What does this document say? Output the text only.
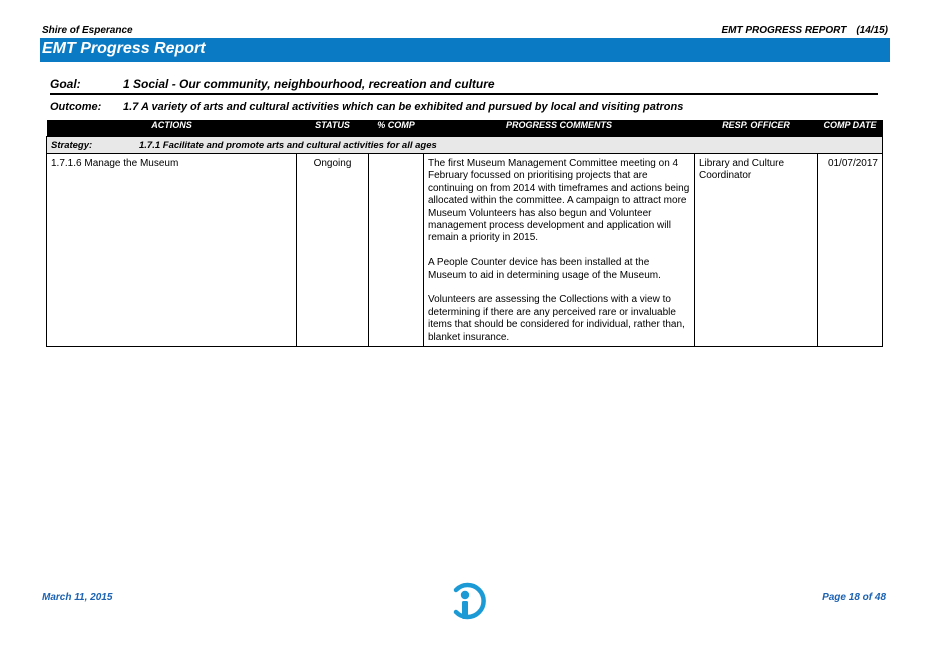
Shire of Esperance	EMT PROGRESS REPORT (14/15)
EMT Progress Report
Goal:	1 Social - Our community, neighbourhood, recreation and culture
Outcome: 1.7 A variety of arts and cultural activities which can be exhibited and pursued by local and visiting patrons
ACTIONS	STATUS	% COMP	PROGRESS COMMENTS	RESP. OFFICER	COMP DATE
Strategy: 1.7.1 Facilitate and promote arts and cultural activities for all ages					
1.7.1.6 Manage the Museum	Ongoing		The first Museum Management Committee meeting on 4 February focussed on prioritising projects that are continuing on from 2014 with timeframes and actions being allocated within the committee. A campaign to attract more Museum Volunteers has also begun and Volunteer management process development and application will remain a priority in 2015.

A People Counter device has been installed at the Museum to aid in determining usage of the Museum.

Volunteers are assessing the Collections with a view to determining if there are any perceived rare or invaluable items that should be considered for individual, rather than, blanket insurance.	Library and Culture Coordinator	01/07/2017
March 11, 2015	Page 18 of 48
